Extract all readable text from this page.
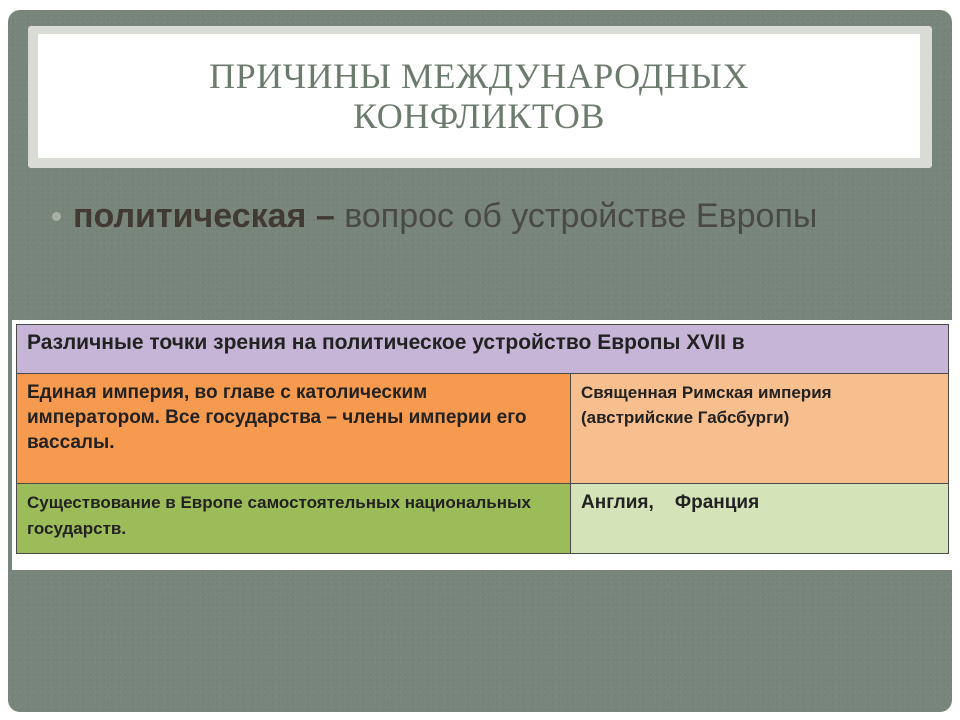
ПРИЧИНЫ МЕЖДУНАРОДНЫХ
КОНФЛИКТОВ
политическая – вопрос об устройстве Европы
Различные точки зрения на политическое устройство Европы XVII в	
Единая империя, во главе с католическим императором. Все государства – члены империи его вассалы.	Священная Римская империя (австрийские Габсбурги)
Существование в Европе самостоятельных национальных государств.	Англия,    Франция
